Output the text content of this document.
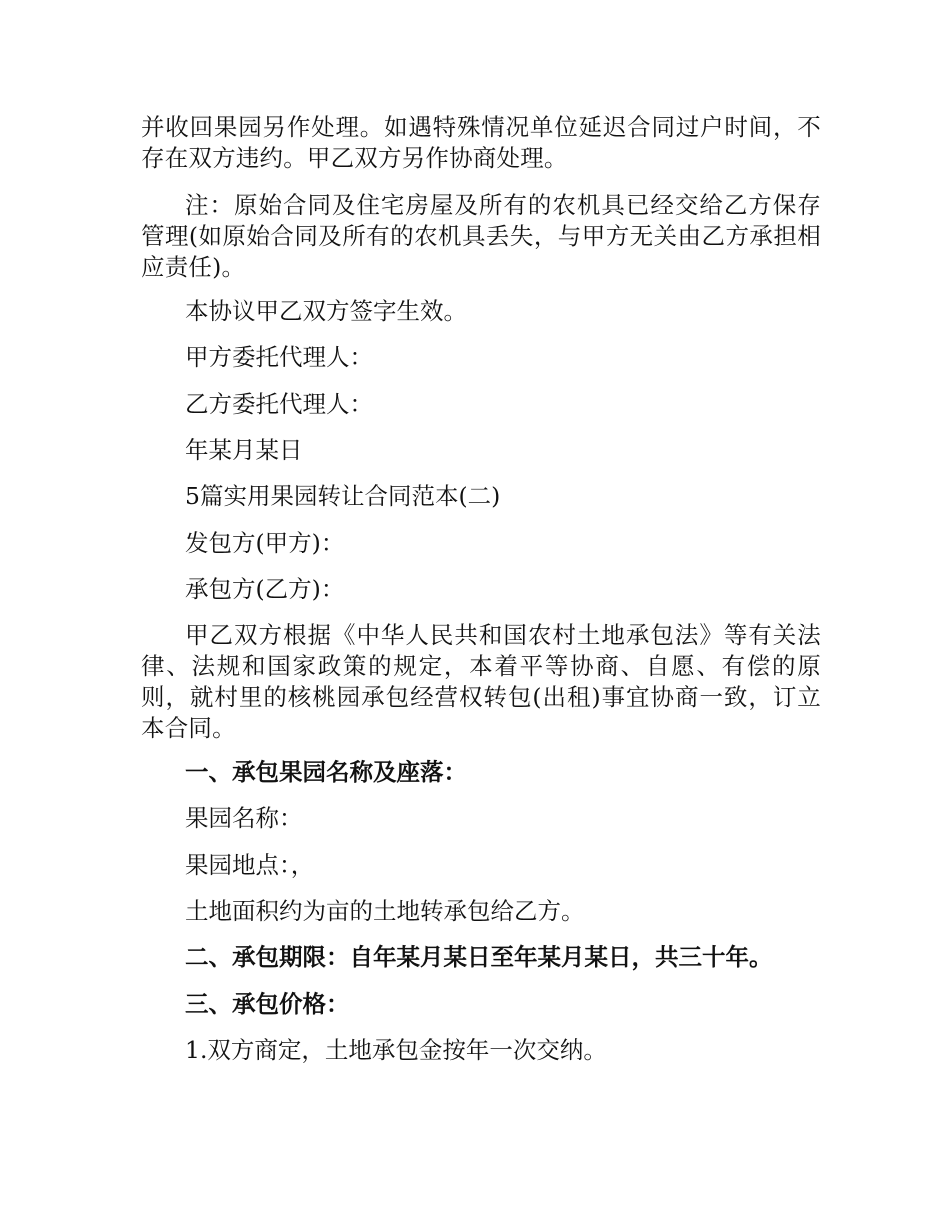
并收回果园另作处理。如遇特殊情况单位延迟合同过户时间，不存在双方违约。甲乙双方另作协商处理。
注：原始合同及住宅房屋及所有的农机具已经交给乙方保存管理(如原始合同及所有的农机具丢失，与甲方无关由乙方承担相应责任)。
本协议甲乙双方签字生效。
甲方委托代理人：
乙方委托代理人：
年某月某日
5篇实用果园转让合同范本(二)
发包方(甲方)：
承包方(乙方)：
甲乙双方根据《中华人民共和国农村土地承包法》等有关法律、法规和国家政策的规定，本着平等协商、自愿、有偿的原则，就村里的核桃园承包经营权转包(出租)事宜协商一致，订立本合同。
一、承包果园名称及座落：
果园名称：
果园地点：，
土地面积约为亩的土地转承包给乙方。
二、承包期限：自年某月某日至年某月某日，共三十年。
三、承包价格：
1.双方商定，土地承包金按年一次交纳。
